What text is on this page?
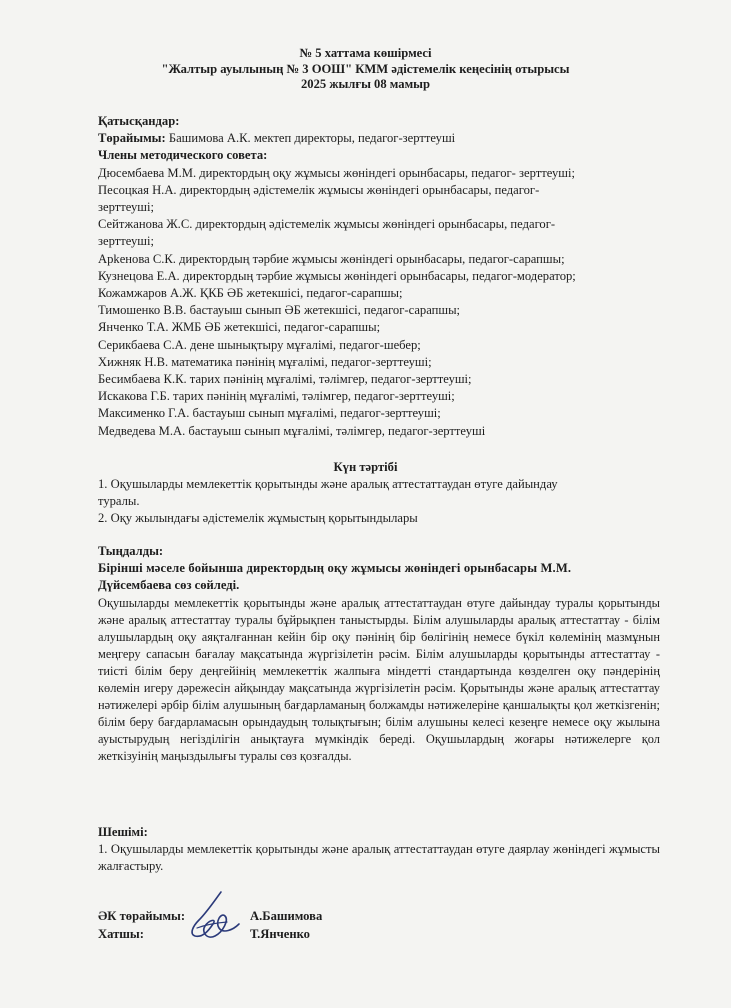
№ 5 хаттама көшірмесі
"Жалтыр ауылының № 3 ООШ" КММ әдістемелік кеңесінің отырысы
2025 жылғы 08 мамыр
Қатысқандар:
Төрайымы: Башимова А.К. мектеп директоры, педагог-зерттеуші
Члены методического совета:
Дюсембаева М.М. директордың оқу жұмысы жөніндегі орынбасары, педагог- зерттеуші;
Песоцкая Н.А. директордың әдістемелік жұмысы жөніндегі орынбасары, педагог-
зерттеуші;
Сейтжанова Ж.С. директордың әдістемелік жұмысы жөніндегі орынбасары, педагог-
зерттеуші;
Арkенова С.К. директордың тәрбие жұмысы жөніндегі орынбасары, педагог-сарапшы;
Кузнецова Е.А. директордың тәрбие жұмысы жөніндегі орынбасары, педагог-модератор;
Кожамжаров А.Ж. ҚКБ ӘБ жетекшісі, педагог-сарапшы;
Тимошенко В.В. бастауыш сынып ӘБ жетекшісі, педагог-сарапшы;
Янченко Т.А. ЖМБ ӘБ жетекшісі, педагог-сарапшы;
Серикбаева С.А. дене шынықтыру мұғалімі, педагог-шебер;
Хижняк Н.В. математика пәнінің мұғалімі, педагог-зерттеуші;
Бесимбаева К.К. тарих пәнінің мұғалімі, тәлімгер, педагог-зерттеуші;
Искакова Г.Б. тарих пәнінің мұғалімі, тәлімгер, педагог-зерттеуші;
Максименко Г.А. бастауыш сынып мұғалімі, педагог-зерттеуші;
Медведева М.А. бастауыш сынып мұғалімі, тәлімгер, педагог-зерттеуші
Күн тәртібі
1. Оқушыларды мемлекеттік қорытынды және аралық аттестаттаудан өтуге дайындау
туралы.
2. Оқу жылындағы әдістемелік жұмыстың қорытындылары
Тыңдалды:
Бірінші мәселе бойынша директордың оқу жұмысы жөніндегі орынбасары М.М.
Дүйсембаева сөз сөйледі.
Оқушыларды мемлекеттік қорытынды және аралық аттестаттаудан өтуге дайындау туралы қорытынды және аралық аттестаттау туралы бұйрықпен таныстырды. Білім алушыларды аралық аттестаттау - білім алушылардың оқу аяқталғаннан кейін бір оқу пәнінің бір бөлігінің немесе бүкіл көлемінің мазмұнын меңгеру сапасын бағалау мақсатында жүргізілетін рәсім. Білім алушыларды қорытынды аттестаттау - тиісті білім беру деңгейінің мемлекеттік жалпыға міндетті стандартында көзделген оқу пәндерінің көлемін игеру дәрежесін айқындау мақсатында жүргізілетін рәсім. Қорытынды және аралық аттестаттау нәтижелері әрбір білім алушының бағдарламаның болжамды нәтижелеріне қаншалықты қол жеткізгенін; білім беру бағдарламасын орындаудың толықтығын; білім алушыны келесі кезеңге немесе оқу жылына ауыстырудың негізділігін анықтауға мүмкіндік береді. Оқушылардың жоғары нәтижелерге қол жеткізуінің маңыздылығы туралы сөз қозғалды.
Шешімі:
1. Оқушыларды мемлекеттік қорытынды және аралық аттестаттаудан өтуге даярлау жөніндегі жұмысты жалғастыру.
ӘК төрайымы:	А.Башимова
Хатшы:	Т.Янченко
